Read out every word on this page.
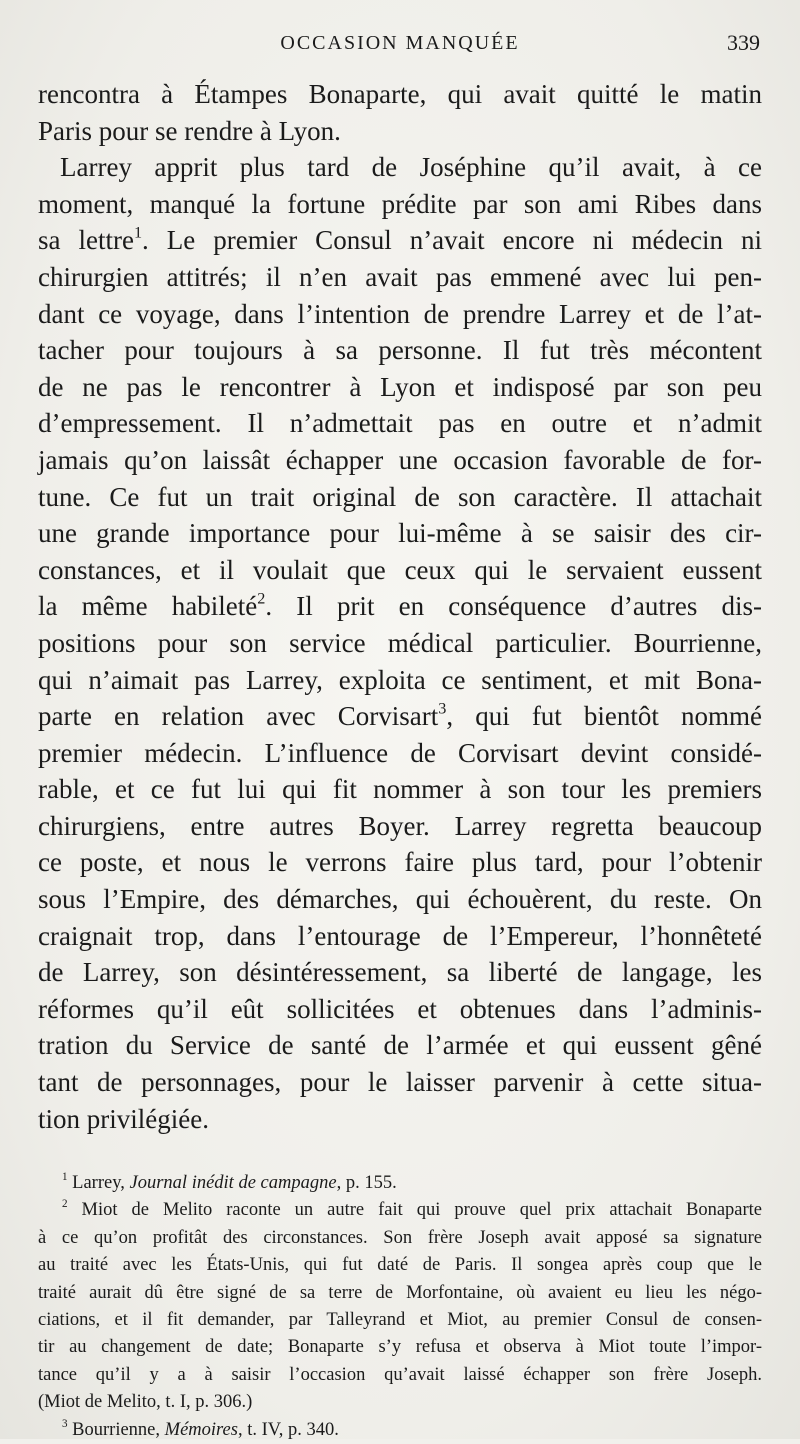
OCCASION MANQUÉE	339
rencontra à Étampes Bonaparte, qui avait quitté le matin
Paris pour se rendre à Lyon.
Larrey apprit plus tard de Joséphine qu’il avait, à ce
moment, manqué la fortune prédite par son ami Ribes dans
sa lettre$^1$. Le premier Consul n’avait encore ni médecin ni
chirurgien attitrés; il n’en avait pas emmené avec lui pen-
dant ce voyage, dans l’intention de prendre Larrey et de l’at-
tacher pour toujours à sa personne. Il fut très mécontent
de ne pas le rencontrer à Lyon et indisposé par son peu
d’empressement. Il n’admettait pas en outre et n’admit
jamais qu’on laissât échapper une occasion favorable de for-
tune. Ce fut un trait original de son caractère. Il attachait
une grande importance pour lui-même à se saisir des cir-
constances, et il voulait que ceux qui le servaient eussent
la même habileté$^2$. Il prit en conséquence d’autres dis-
positions pour son service médical particulier. Bourrienne,
qui n’aimait pas Larrey, exploita ce sentiment, et mit Bona-
parte en relation avec Corvisart$^3$, qui fut bientôt nommé
premier médecin. L’influence de Corvisart devint considé-
rable, et ce fut lui qui fit nommer à son tour les premiers
chirurgiens, entre autres Boyer. Larrey regretta beaucoup
ce poste, et nous le verrons faire plus tard, pour l’obtenir
sous l’Empire, des démarches, qui échouèrent, du reste. On
craignait trop, dans l’entourage de l’Empereur, l’honnêteté
de Larrey, son désintéressement, sa liberté de langage, les
réformes qu’il eût sollicitées et obtenues dans l’adminis-
tration du Service de santé de l’armée et qui eussent gêné
tant de personnages, pour le laisser parvenir à cette situa-
tion privilégiée.
$^1$ Larrey, Journal inédit de campagne, p. 155.
$^2$ Miot de Melito raconte un autre fait qui prouve quel prix attachait Bonaparte
à ce qu’on profitât des circonstances. Son frère Joseph avait apposé sa signature
au traité avec les États-Unis, qui fut daté de Paris. Il songea après coup que le
traité aurait dû être signé de sa terre de Morfontaine, où avaient eu lieu les négo-
ciations, et il fit demander, par Talleyrand et Miot, au premier Consul de consen-
tir au changement de date; Bonaparte s’y refusa et observa à Miot toute l’impor-
tance qu’il y a à saisir l’occasion qu’avait laissé échapper son frère Joseph.
(Miot de Melito, t. I, p. 306.)
$^3$ Bourrienne, Mémoires, t. IV, p. 340.
